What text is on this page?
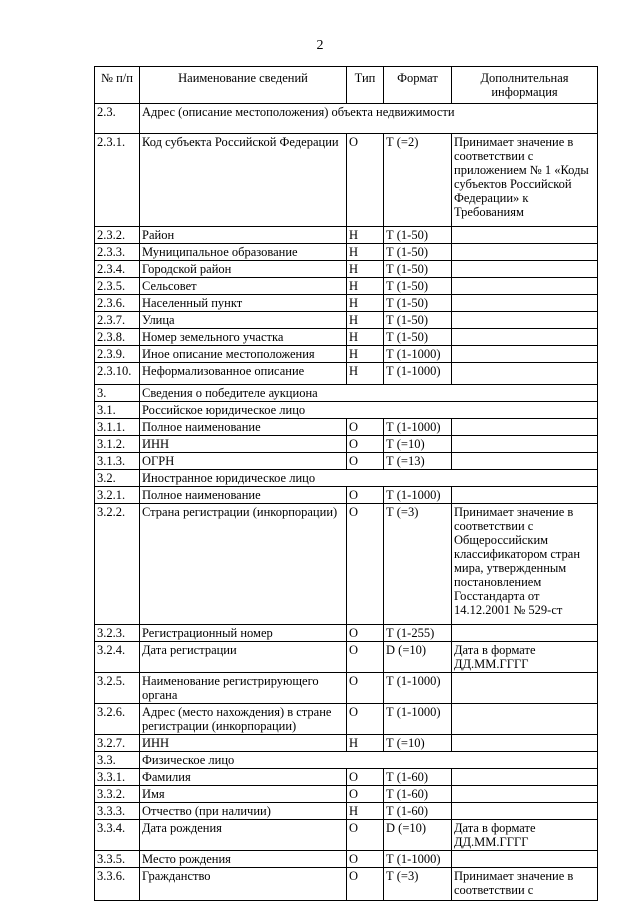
2
№ п/п	Наименование сведений	Тип	Формат	Дополнительная информация
2.3.	Адрес (описание местоположения) объекта недвижимости			
2.3.1.	Код субъекта Российской Федерации	О	Т (=2)	Принимает значение в соответствии с приложением № 1 «Коды субъектов Российской Федерации» к Требованиям
2.3.2.	Район	Н	Т (1-50)	
2.3.3.	Муниципальное образование	Н	Т (1-50)	
2.3.4.	Городской район	Н	Т (1-50)	
2.3.5.	Сельсовет	Н	Т (1-50)	
2.3.6.	Населенный пункт	Н	Т (1-50)	
2.3.7.	Улица	Н	Т (1-50)	
2.3.8.	Номер земельного участка	Н	Т (1-50)	
2.3.9.	Иное описание местоположения	Н	Т (1-1000)	
2.3.10.	Неформализованное описание	Н	Т (1-1000)	
3.	Сведения о победителе аукциона			
3.1.	Российское юридическое лицо			
3.1.1.	Полное наименование	О	Т (1-1000)	
3.1.2.	ИНН	О	Т (=10)	
3.1.3.	ОГРН	О	Т (=13)	
3.2.	Иностранное юридическое лицо			
3.2.1.	Полное наименование	О	Т (1-1000)	
3.2.2.	Страна регистрации (инкорпорации)	О	Т (=3)	Принимает значение в соответствии с Общероссийским классификатором стран мира, утвержденным постановлением Госстандарта от 14.12.2001 № 529-ст
3.2.3.	Регистрационный номер	О	Т (1-255)	
3.2.4.	Дата регистрации	О	D (=10)	Дата в формате ДД.ММ.ГГГГ
3.2.5.	Наименование регистрирующего органа	О	Т (1-1000)	
3.2.6.	Адрес (место нахождения) в стране регистрации (инкорпорации)	О	Т (1-1000)	
3.2.7.	ИНН	Н	Т (=10)	
3.3.	Физическое лицо			
3.3.1.	Фамилия	О	Т (1-60)	
3.3.2.	Имя	О	Т (1-60)	
3.3.3.	Отчество (при наличии)	Н	Т (1-60)	
3.3.4.	Дата рождения	О	D (=10)	Дата в формате ДД.ММ.ГГГГ
3.3.5.	Место рождения	О	Т (1-1000)	
3.3.6.	Гражданство	О	Т (=3)	Принимает значение в соответствии с
